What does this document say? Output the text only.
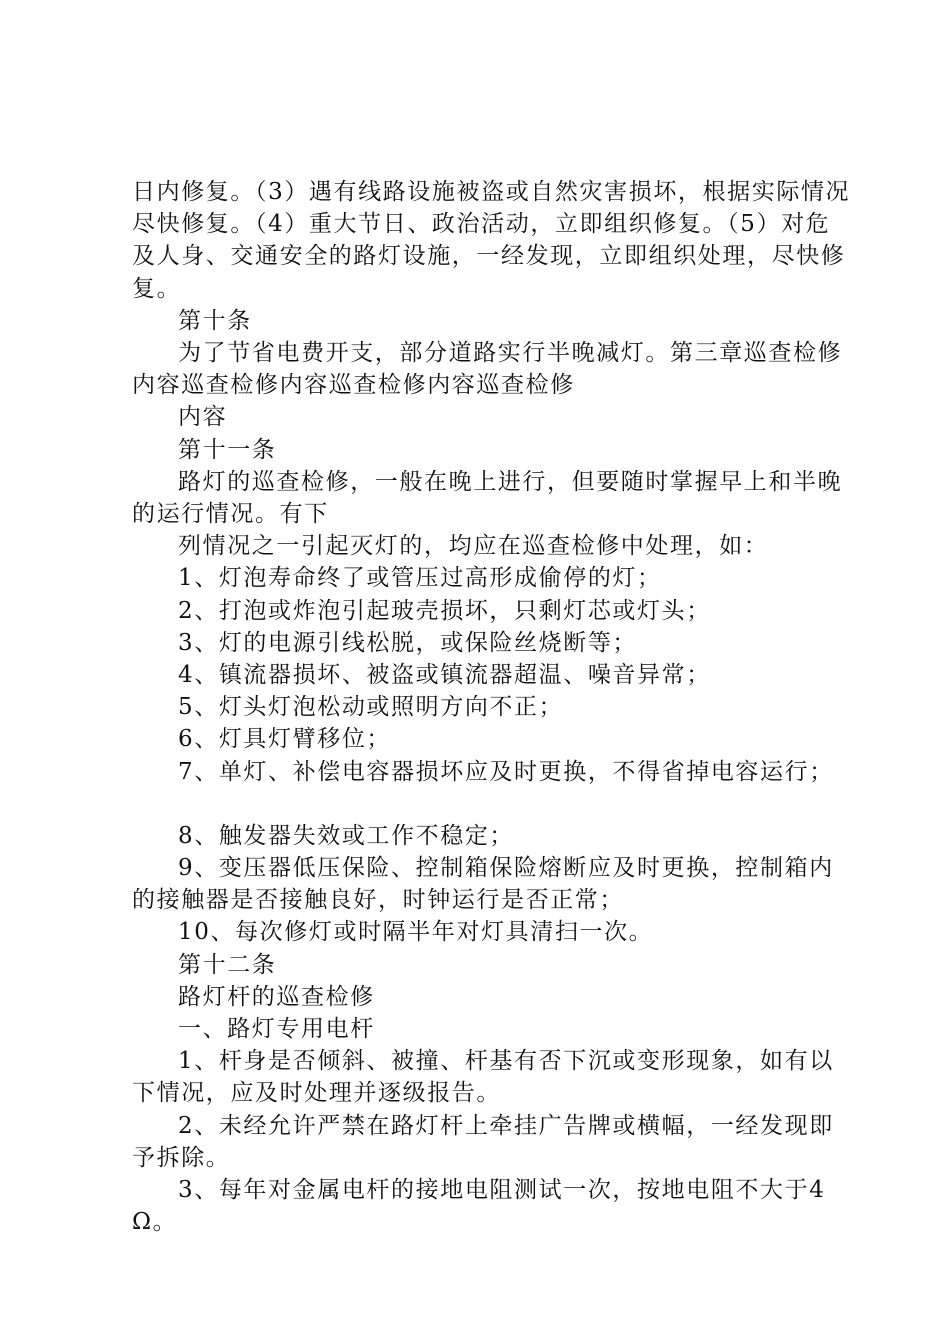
日内修复。（3）遇有线路设施被盗或自然灾害损坏，根据实际情况尽快修复。（4）重大节日、政治活动，立即组织修复。（5）对危及人身、交通安全的路灯设施，一经发现，立即组织处理，尽快修复。

第十条

为了节省电费开支，部分道路实行半晚减灯。第三章巡查检修内容巡查检修内容巡查检修内容巡查检修

内容

第十一条

路灯的巡查检修，一般在晚上进行，但要随时掌握早上和半晚的运行情况。有下

列情况之一引起灭灯的，均应在巡查检修中处理，如：

1、灯泡寿命终了或管压过高形成偷停的灯；

2、打泡或炸泡引起玻壳损坏，只剩灯芯或灯头；

3、灯的电源引线松脱，或保险丝烧断等；

4、镇流器损坏、被盗或镇流器超温、噪音异常；

5、灯头灯泡松动或照明方向不正；

6、灯具灯臂移位；

7、单灯、补偿电容器损坏应及时更换，不得省掉电容运行；

8、触发器失效或工作不稳定；

9、变压器低压保险、控制箱保险熔断应及时更换，控制箱内的接触器是否接触良好，时钟运行是否正常；

10、每次修灯或时隔半年对灯具清扫一次。

第十二条

路灯杆的巡查检修

一、路灯专用电杆

1、杆身是否倾斜、被撞、杆基有否下沉或变形现象，如有以下情况，应及时处理并逐级报告。

2、未经允许严禁在路灯杆上牵挂广告牌或横幅，一经发现即予拆除。

3、每年对金属电杆的接地电阻测试一次，按地电阻不大于4Ω。
